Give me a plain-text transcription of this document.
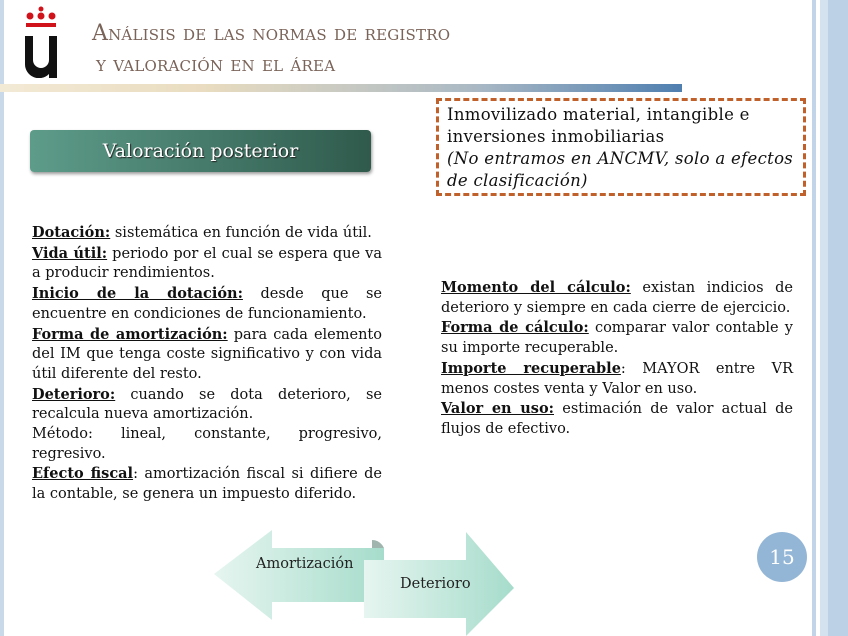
Análisis de las normas de registro
y valoración en el área
Valoración posterior
Inmovilizado material, intangible e inversiones inmobiliarias
(No entramos en ANCMV, solo a efectos de clasificación)

Dotación: sistemática en función de vida útil.

Vida útil: periodo por el cual se espera que va a producir rendimientos.

Inicio de la dotación: desde que se encuentre en condiciones de funcionamiento.

Forma de amortización: para cada elemento del IM que tenga coste significativo y con vida útil diferente del resto.

Deterioro: cuando se dota deterioro, se recalcula nueva amortización.

Método: lineal, constante, progresivo, regresivo.

Efecto fiscal: amortización fiscal si difiere de la contable, se genera un impuesto diferido.

Momento del cálculo: existan indicios de deterioro y siempre en cada cierre de ejercicio.

Forma de cálculo: comparar valor contable y su importe recuperable.

Importe recuperable: MAYOR entre VR menos costes venta y Valor en uso.

Valor en uso: estimación de valor actual de flujos de efectivo.

Amortización
Deterioro
15
